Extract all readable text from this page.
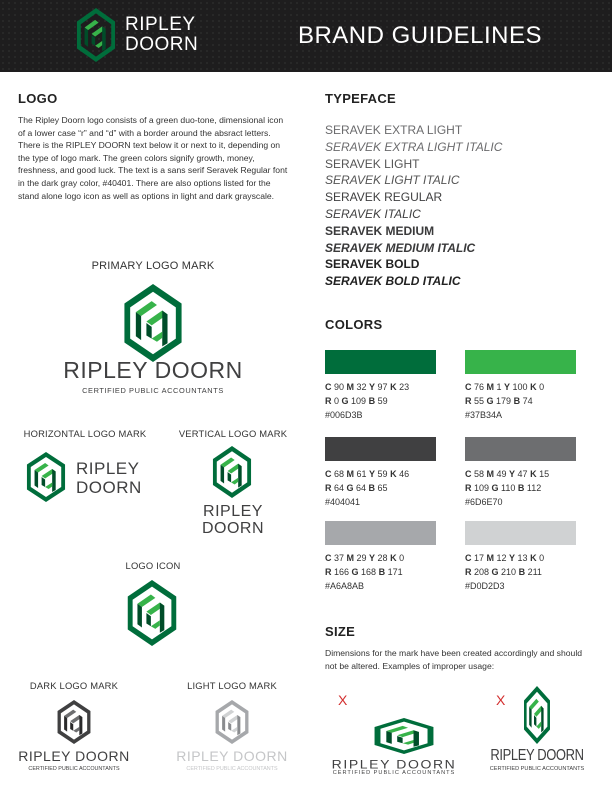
RIPLEY
DOORN	BRAND GUIDELINES
LOGO
The Ripley Doorn logo consists of a green duo-tone, dimensional icon of a lower case “r” and “d” with a border around the absract letters. There is the RIPLEY DOORN text below it or next to it, depending on the type of logo mark. The green colors signify growth, money, freshness, and good luck. The text is a sans serif Seravek Regular font in the dark gray color, #40401. There are also options listed for the stand alone logo icon as well as options in light and dark grayscale.
PRIMARY LOGO MARK
RIPLEY DOORN
CERTIFIED PUBLIC ACCOUNTANTS
HORIZONTAL LOGO MARK
RIPLEY
DOORN
VERTICAL LOGO MARK
RIPLEY
DOORN
LOGO ICON
DARK LOGO MARK
RIPLEY DOORN
CERTIFIED PUBLIC ACCOUNTANTS
LIGHT LOGO MARK
RIPLEY DOORN
CERTIFIED PUBLIC ACCOUNTANTS
TYPEFACE
SERAVEK EXTRA LIGHT
SERAVEK EXTRA LIGHT ITALIC
SERAVEK LIGHT
SERAVEK LIGHT ITALIC
SERAVEK REGULAR
SERAVEK ITALIC
SERAVEK MEDIUM
SERAVEK MEDIUM ITALIC
SERAVEK BOLD
SERAVEK BOLD ITALIC
COLORS
C 90 M 32 Y 97 K 23
R 0 G 109 B 59
#006D3B
C 76 M 1 Y 100 K 0
R 55 G 179 B 74
#37B34A
C 68 M 61 Y 59 K 46
R 64 G 64 B 65
#404041
C 58 M 49 Y 47 K 15
R 109 G 110 B 112
#6D6E70
C 37 M 29 Y 28 K 0
R 166 G 168 B 171
#A6A8AB
C 17 M 12 Y 13 K 0
R 208 G 210 B 211
#D0D2D3
SIZE
Dimensions for the mark have been created accordingly and should not be altered. Examples of improper usage:
X
RIPLEY DOORN
CERTIFIED PUBLIC ACCOUNTANTS
X
RIPLEY DOORN
CERTIFIED PUBLIC ACCOUNTANTS
